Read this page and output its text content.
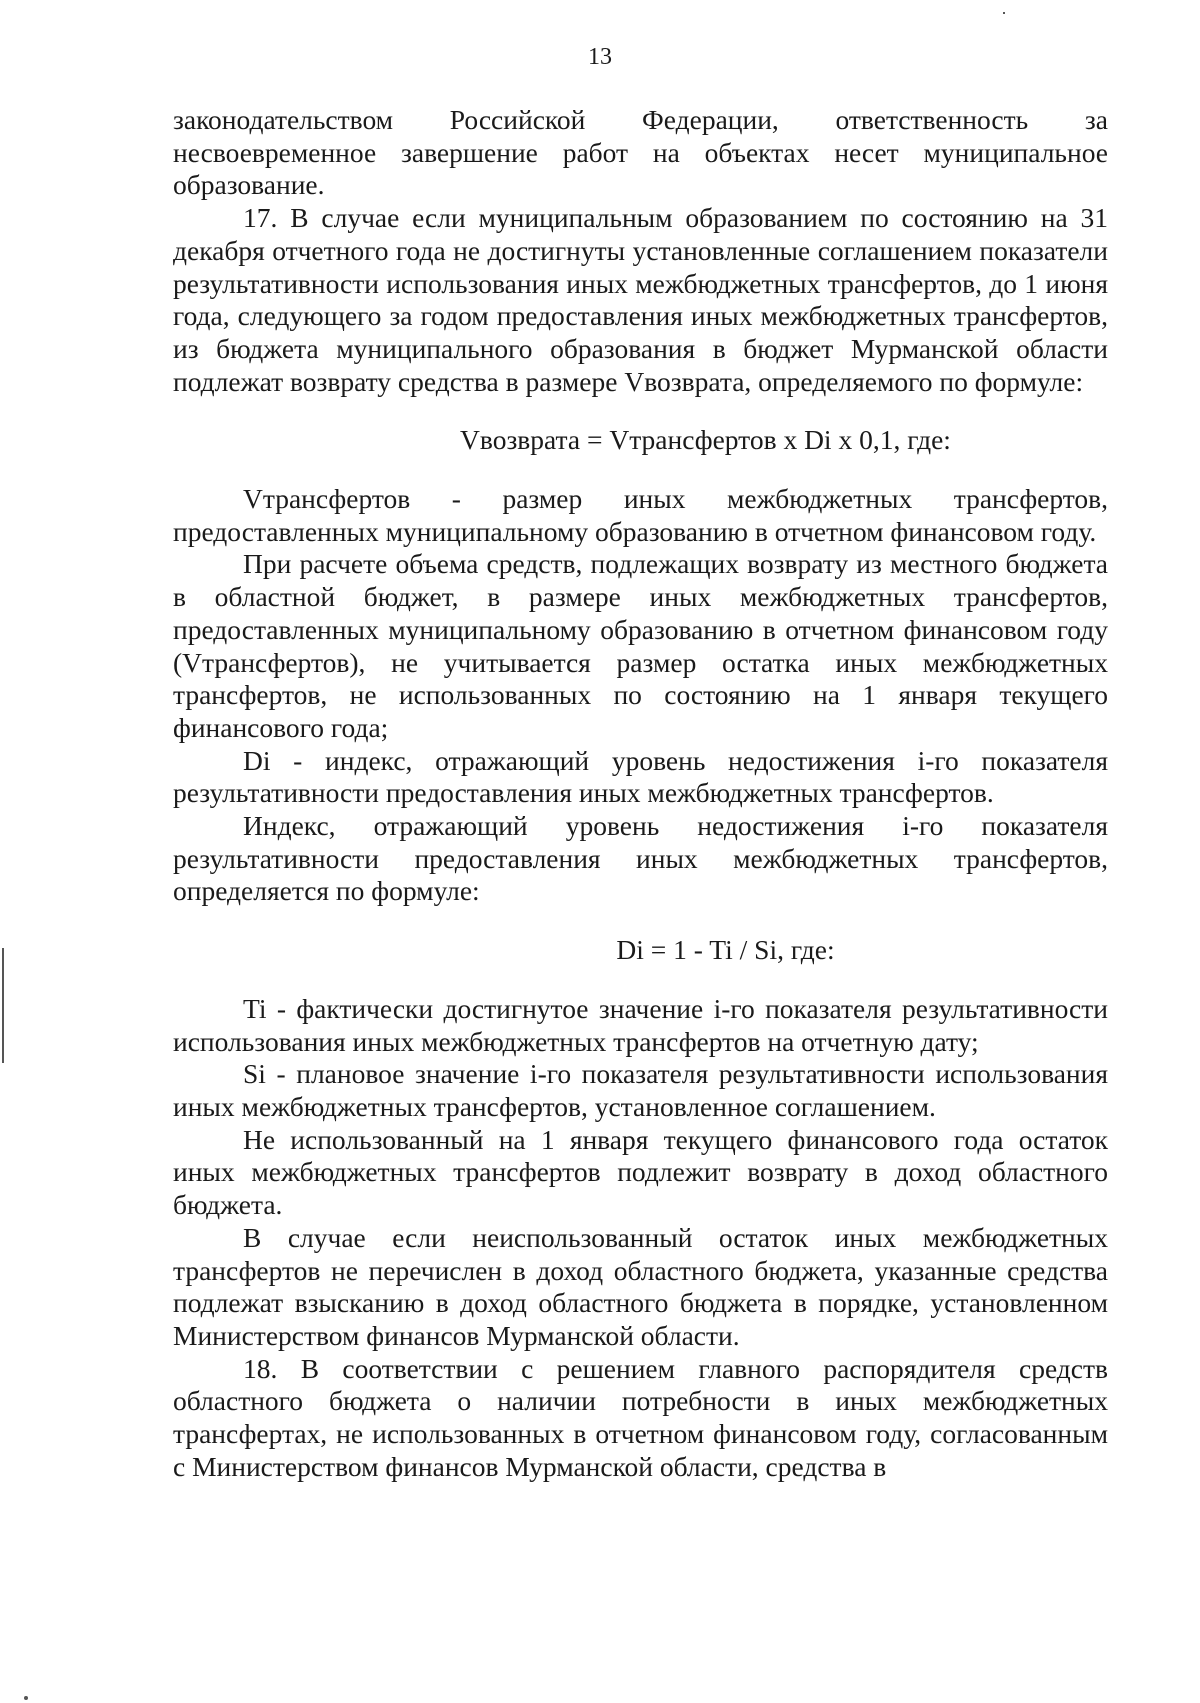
13

законодательством Российской Федерации, ответственность за несвоевременное завершение работ на объектах несет муниципальное образование.

17. В случае если муниципальным образованием по состоянию на 31 декабря отчетного года не достигнуты установленные соглашением показатели результативности использования иных межбюджетных трансфертов, до 1 июня года, следующего за годом предоставления иных межбюджетных трансфертов, из бюджета муниципального образования в бюджет Мурманской области подлежат возврату средства в размере Vвозврата, определяемого по формуле:

Vвозврата = Vтрансфертов x Di x 0,1, где:

Vтрансфертов - размер иных межбюджетных трансфертов, предоставленных муниципальному образованию в отчетном финансовом году.

При расчете объема средств, подлежащих возврату из местного бюджета в областной бюджет, в размере иных межбюджетных трансфертов, предоставленных муниципальному образованию в отчетном финансовом году (Vтрансфертов), не учитывается размер остатка иных межбюджетных трансфертов, не использованных по состоянию на 1 января текущего финансового года;

Di - индекс, отражающий уровень недостижения i-го показателя результативности предоставления иных межбюджетных трансфертов.

Индекс, отражающий уровень недостижения i-го показателя результативности предоставления иных межбюджетных трансфертов, определяется по формуле:

Di = 1 - Ti / Si, где:

Ti - фактически достигнутое значение i-го показателя результативности использования иных межбюджетных трансфертов на отчетную дату;

Si - плановое значение i-го показателя результативности использования иных межбюджетных трансфертов, установленное соглашением.

Не использованный на 1 января текущего финансового года остаток иных межбюджетных трансфертов подлежит возврату в доход областного бюджета.

В случае если неиспользованный остаток иных межбюджетных трансфертов не перечислен в доход областного бюджета, указанные средства подлежат взысканию в доход областного бюджета в порядке, установленном Министерством финансов Мурманской области.

18. В соответствии с решением главного распорядителя средств областного бюджета о наличии потребности в иных межбюджетных трансфертах, не использованных в отчетном финансовом году, согласованным с Министерством финансов Мурманской области, средства в
